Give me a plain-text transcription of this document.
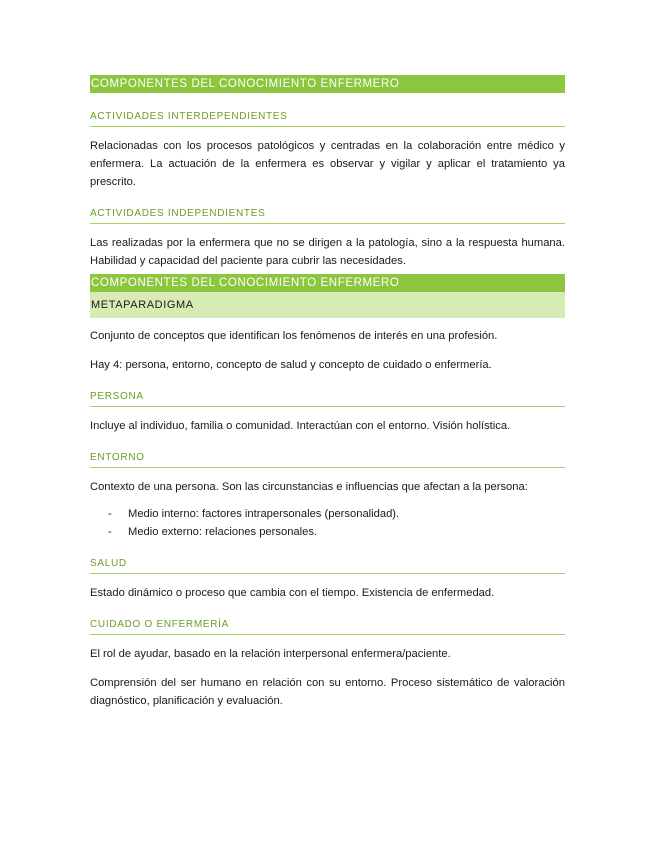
COMPONENTES DEL CONOCIMIENTO ENFERMERO
ACTIVIDADES INTERDEPENDIENTES

Relacionadas con los procesos patológicos y centradas en la colaboración entre médico y enfermera. La actuación de la enfermera es observar y vigilar y aplicar el tratamiento ya prescrito.

ACTIVIDADES INDEPENDIENTES

Las realizadas por la enfermera que no se dirigen a la patología, sino a la respuesta humana. Habilidad y capacidad del paciente para cubrir las necesidades.

COMPONENTES DEL CONOCIMIENTO ENFERMERO
METAPARADIGMA

Conjunto de conceptos que identifican los fenómenos de interés en una profesión.

Hay 4: persona, entorno, concepto de salud y concepto de cuidado o enfermería.

PERSONA

Incluye al individuo, familia o comunidad. Interactúan con el entorno. Visión holística.

ENTORNO

Contexto de una persona. Son las circunstancias e influencias que afectan a la persona:

- Medio interno: factores intrapersonales (personalidad).
- Medio externo: relaciones personales.
SALUD

Estado dinámico o proceso que cambia con el tiempo. Existencia de enfermedad.

CUIDADO O ENFERMERÍA

El rol de ayudar, basado en la relación interpersonal enfermera/paciente.

Comprensión del ser humano en relación con su entorno. Proceso sistemático de valoración diagnóstico, planificación y evaluación.
